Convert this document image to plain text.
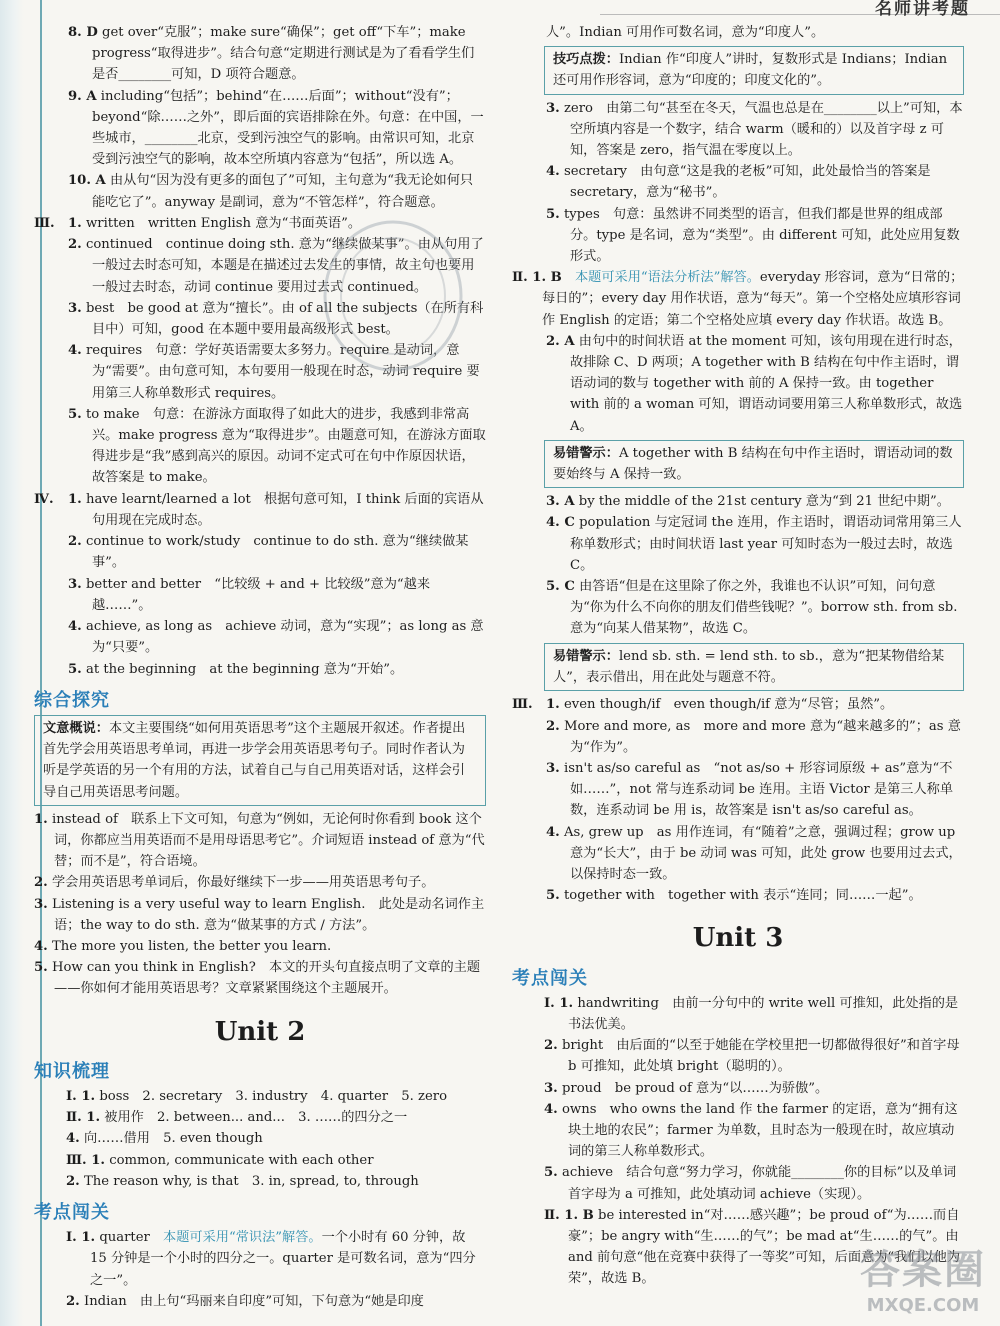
名师讲考题
8. D get over“克服”；make sure“确保”；get off“下车”；make progress“取得进步”。结合句意“定期进行测试是为了看看学生们是否________可知，D 项符合题意。
9. A including“包括”；behind“在……后面”；without“没有”；beyond“除……之外”，即后面的宾语排除在外。句意：在中国，一些城市，________北京，受到污浊空气的影响。由常识可知，北京受到污浊空气的影响，故本空所填内容意为“包括”，所以选 A。
10. A 由从句“因为没有更多的面包了”可知，主句意为“我无论如何只能吃它了”。anyway 是副词，意为“不管怎样”，符合题意。
Ⅲ.	1. written　written English 意为“书面英语”。
2. continued　continue doing sth. 意为“继续做某事”。由从句用了一般过去时态可知，本题是在描述过去发生的事情，故主句也要用一般过去时态，动词 continue 要用过去式 continued。
3. best　be good at 意为“擅长”。由 of all the subjects（在所有科目中）可知，good 在本题中要用最高级形式 best。
4. requires　句意：学好英语需要太多努力。require 是动词，意为“需要”。由句意可知，本句要用一般现在时态，动词 require 要用第三人称单数形式 requires。
5. to make　句意：在游泳方面取得了如此大的进步，我感到非常高兴。make progress 意为“取得进步”。由题意可知，在游泳方面取得进步是“我”感到高兴的原因。动词不定式可在句中作原因状语，故答案是 to make。
Ⅳ.	1. have learnt/learned a lot　根据句意可知，I think 后面的宾语从句用现在完成时态。
2. continue to work/study　continue to do sth. 意为“继续做某事”。
3. better and better　“比较级 + and + 比较级”意为“越来越……”。
4. achieve, as long as　achieve 动词，意为“实现”；as long as 意为“只要”。
5. at the beginning　at the beginning 意为“开始”。
综合探究
文意概说：本文主要围绕“如何用英语思考”这个主题展开叙述。作者提出首先学会用英语思考单词，再进一步学会用英语思考句子。同时作者认为听是学英语的另一个有用的方法，试着自己与自己用英语对话，这样会引导自己用英语思考问题。
1. instead of　联系上下文可知，句意为“例如，无论何时你看到 book 这个词，你都应当用英语而不是用母语思考它”。介词短语 instead of 意为“代替；而不是”，符合语境。
2. 学会用英语思考单词后，你最好继续下一步——用英语思考句子。
3. Listening is a very useful way to learn English.　此处是动名词作主语；the way to do sth. 意为“做某事的方式 / 方法”。
4. The more you listen, the better you learn.
5. How can you think in English?　本文的开头句直接点明了文章的主题——你如何才能用英语思考？文章紧紧围绕这个主题展开。
Unit 2
知识梳理
Ⅰ. 1. boss　2. secretary　3. industry　4. quarter　5. zero
Ⅱ. 1. 被用作　2. between... and...　3. ……的四分之一
4. 向……借用　5. even though
Ⅲ. 1. common, communicate with each other
2. The reason why, is that　3. in, spread, to, through
考点闯关
Ⅰ. 1. quarter　本题可采用“常识法”解答。一个小时有 60 分钟，故 15 分钟是一个小时的四分之一。quarter 是可数名词，意为“四分之一”。
2. Indian　由上句“玛丽来自印度”可知，下句意为“她是印度
人”。Indian 可用作可数名词，意为“印度人”。
技巧点拨：Indian 作“印度人”讲时，复数形式是 Indians；Indian 还可用作形容词，意为“印度的；印度文化的”。
3. zero　由第二句“甚至在冬天，气温也总是在________以上”可知，本空所填内容是一个数字，结合 warm（暖和的）以及首字母 z 可知，答案是 zero，指气温在零度以上。
4. secretary　由句意“这是我的老板”可知，此处最恰当的答案是 secretary，意为“秘书”。
5. types　句意：虽然讲不同类型的语言，但我们都是世界的组成部分。type 是名词，意为“类型”。由 different 可知，此处应用复数形式。
Ⅱ. 1. B　 本题可采用“语法分析法”解答。everyday 形容词，意为“日常的；每日的”；every day 用作状语，意为“每天”。第一个空格处应填形容词作 English 的定语；第二个空格处应填 every day 作状语。故选 B。
2. A 由句中的时间状语 at the moment 可知，该句用现在进行时态，故排除 C、D 两项；A together with B 结构在句中作主语时，谓语动词的数与 together with 前的 A 保持一致。由 together with 前的 a woman 可知，谓语动词要用第三人称单数形式，故选 A。
易错警示：A together with B 结构在句中作主语时，谓语动词的数要始终与 A 保持一致。
3. A by the middle of the 21st century 意为“到 21 世纪中期”。
4. C population 与定冠词 the 连用，作主语时，谓语动词常用第三人称单数形式；由时间状语 last year 可知时态为一般过去时，故选 C。
5. C 由答语“但是在这里除了你之外，我谁也不认识”可知，问句意为“你为什么不向你的朋友们借些钱呢？”。borrow sth. from sb. 意为“向某人借某物”，故选 C。
易错警示：lend sb. sth. = lend sth. to sb.，意为“把某物借给某人”，表示借出，用在此处与题意不符。
Ⅲ.	1. even though/if　even though/if 意为“尽管；虽然”。
2. More and more, as　more and more 意为“越来越多的”；as 意为“作为”。
3. isn't as/so careful as　“not as/so + 形容词原级 + as”意为“不如……”，not 常与连系动词 be 连用。主语 Victor 是第三人称单数，连系动词 be 用 is，故答案是 isn't as/so careful as。
4. As, grew up　as 用作连词，有“随着”之意，强调过程；grow up 意为“长大”，由于 be 动词 was 可知，此处 grow 也要用过去式，以保持时态一致。
5. together with　together with 表示“连同；同……一起”。
Unit 3
考点闯关
Ⅰ. 1. handwriting　由前一分句中的 write well 可推知，此处指的是书法优美。
2. bright　由后面的“以至于她能在学校里把一切都做得很好”和首字母 b 可推知，此处填 bright（聪明的）。
3. proud　be proud of 意为“以……为骄傲”。
4. owns　who owns the land 作 the farmer 的定语，意为“拥有这块土地的农民”；farmer 为单数，且时态为一般现在时，故应填动词的第三人称单数形式。
5. achieve　结合句意“努力学习，你就能________你的目标”以及单词首字母为 a 可推知，此处填动词 achieve（实现）。
Ⅱ. 1. B be interested in“对……感兴趣”；be proud of“为……而自豪”；be angry with“生……的气”；be mad at“生……的气”。由 and 前句意“他在竞赛中获得了一等奖”可知，后面意为“我们以他为荣”，故选 B。	答案圈
MXQE.COM
